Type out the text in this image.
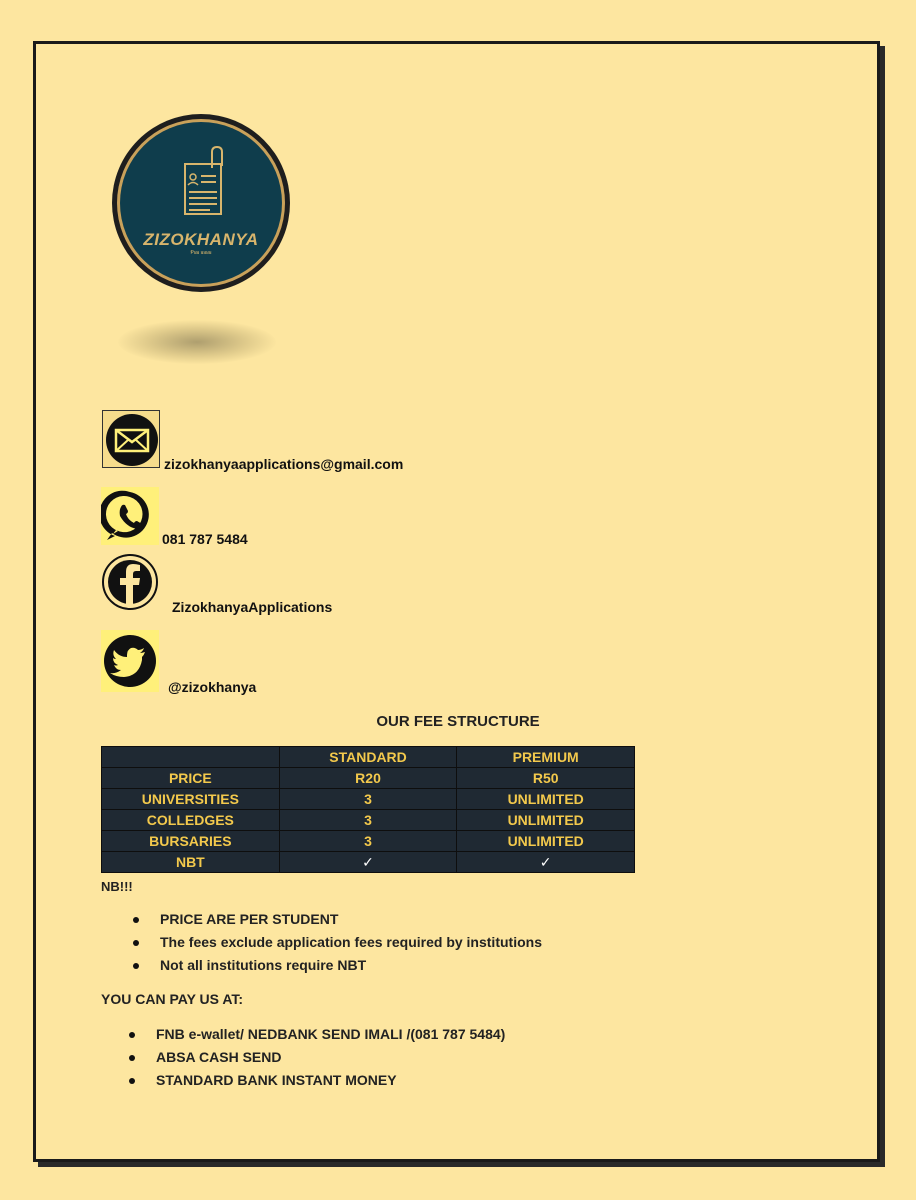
ZIZOKHANYA
Ᵽᴚᴚ ᴚᴚᴚᴚ
zizokhanyaapplications@gmail.com
081 787 5484
ZizokhanyaApplications
@zizokhanya
OUR FEE STRUCTURE
	STANDARD	PREMIUM
PRICE	R20	R50
UNIVERSITIES	3	UNLIMITED
COLLEDGES	3	UNLIMITED
BURSARIES	3	UNLIMITED
NBT	✓	✓
NB!!!
PRICE ARE PER STUDENT
The fees exclude application fees required by institutions
Not all institutions require NBT
YOU CAN PAY US AT:
FNB e-wallet/ NEDBANK SEND IMALI /(081 787 5484)
ABSA CASH SEND
STANDARD BANK INSTANT MONEY
